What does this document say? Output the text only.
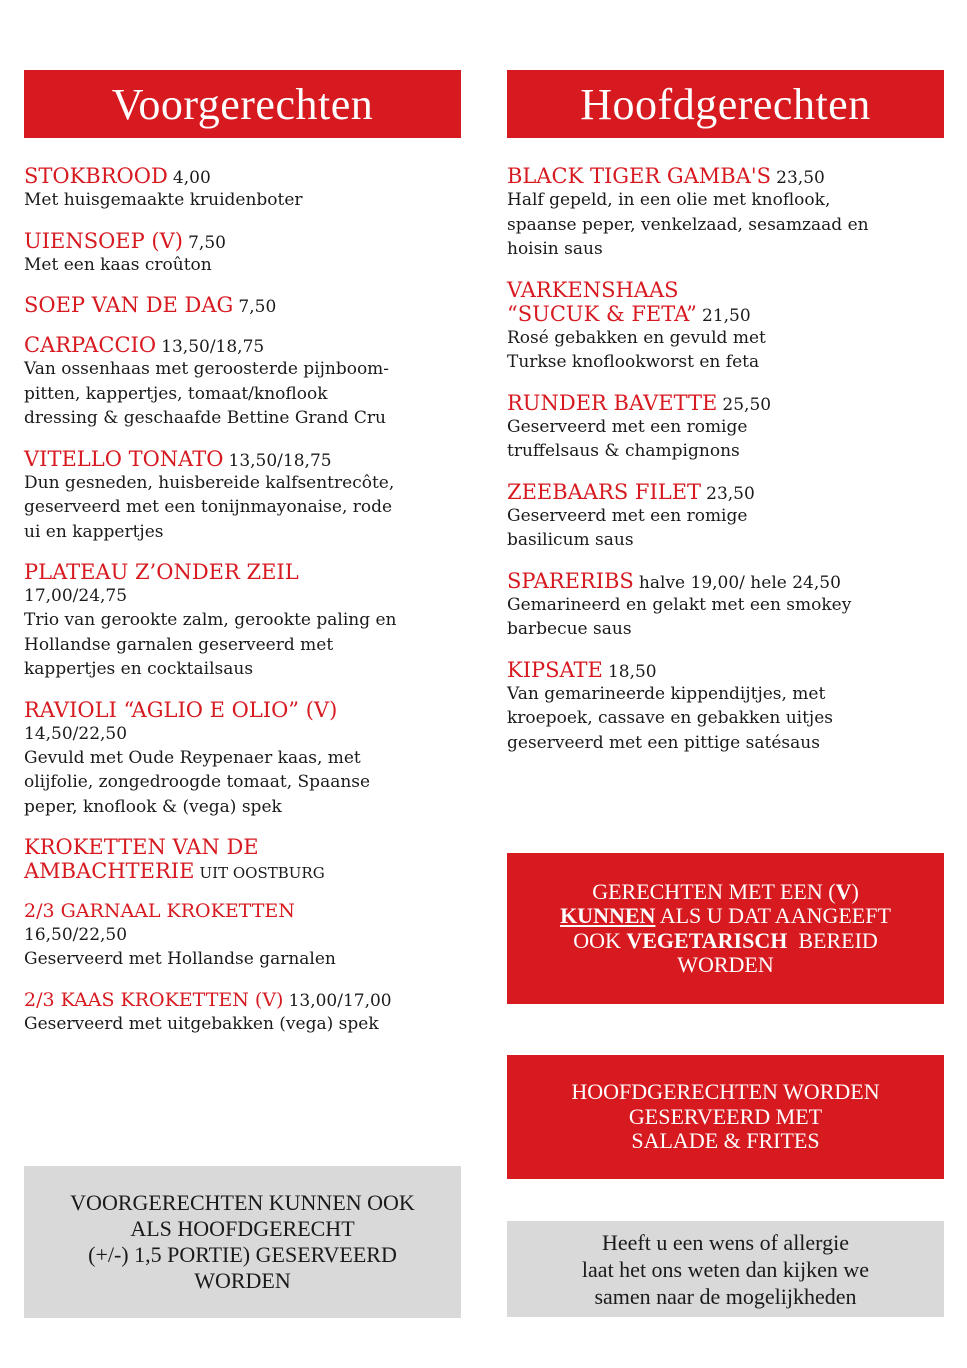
Voorgerechten
STOKBROOD 4,00
Met huisgemaakte kruidenboter
UIENSOEP (V) 7,50
Met een kaas croûton
SOEP VAN DE DAG 7,50
CARPACCIO 13,50/18,75
Van ossenhaas met geroosterde pijnboom-
pitten, kappertjes, tomaat/knoflook
dressing & geschaafde Bettine Grand Cru
VITELLO TONATO 13,50/18,75
Dun gesneden, huisbereide kalfsentrecôte,
geserveerd met een tonijnmayonaise, rode
ui en kappertjes
PLATEAU Z’ONDER ZEIL
17,00/24,75
Trio van gerookte zalm, gerookte paling en
Hollandse garnalen geserveerd met
kappertjes en cocktailsaus
RAVIOLI “AGLIO E OLIO” (V)
14,50/22,50
Gevuld met Oude Reypenaer kaas, met
olijfolie, zongedroogde tomaat, Spaanse
peper, knoflook & (vega) spek
KROKETTEN VAN DE
AMBACHTERIE UIT OOSTBURG
2/3 GARNAAL KROKETTEN
16,50/22,50
Geserveerd met Hollandse garnalen
2/3 KAAS KROKETTEN (V) 13,00/17,00
Geserveerd met uitgebakken (vega) spek

VOORGERECHTEN KUNNEN OOK

ALS HOOFDGERECHT

(+/-) 1,5 PORTIE) GESERVEERD

WORDEN

Hoofdgerechten
BLACK TIGER GAMBA'S 23,50
Half gepeld, in een olie met knoflook,
spaanse peper, venkelzaad, sesamzaad en
hoisin saus
VARKENSHAAS
“SUCUK & FETA” 21,50
Rosé gebakken en gevuld met
Turkse knoflookworst en feta
RUNDER BAVETTE 25,50
Geserveerd met een romige
truffelsaus & champignons
ZEEBAARS FILET 23,50
Geserveerd met een romige
basilicum saus
SPARERIBS halve 19,00/ hele 24,50
Gemarineerd en gelakt met een smokey
barbecue saus
KIPSATE 18,50
Van gemarineerde kippendijtjes, met
kroepoek, cassave en gebakken uitjes
geserveerd met een pittige satésaus

GERECHTEN MET EEN (V)

KUNNEN ALS U DAT AANGEEFT

OOK VEGETARISCH  BEREID

WORDEN

HOOFDGERECHTEN WORDEN

GESERVEERD MET

SALADE & FRITES

Heeft u een wens of allergie

laat het ons weten dan kijken we

samen naar de mogelijkheden
